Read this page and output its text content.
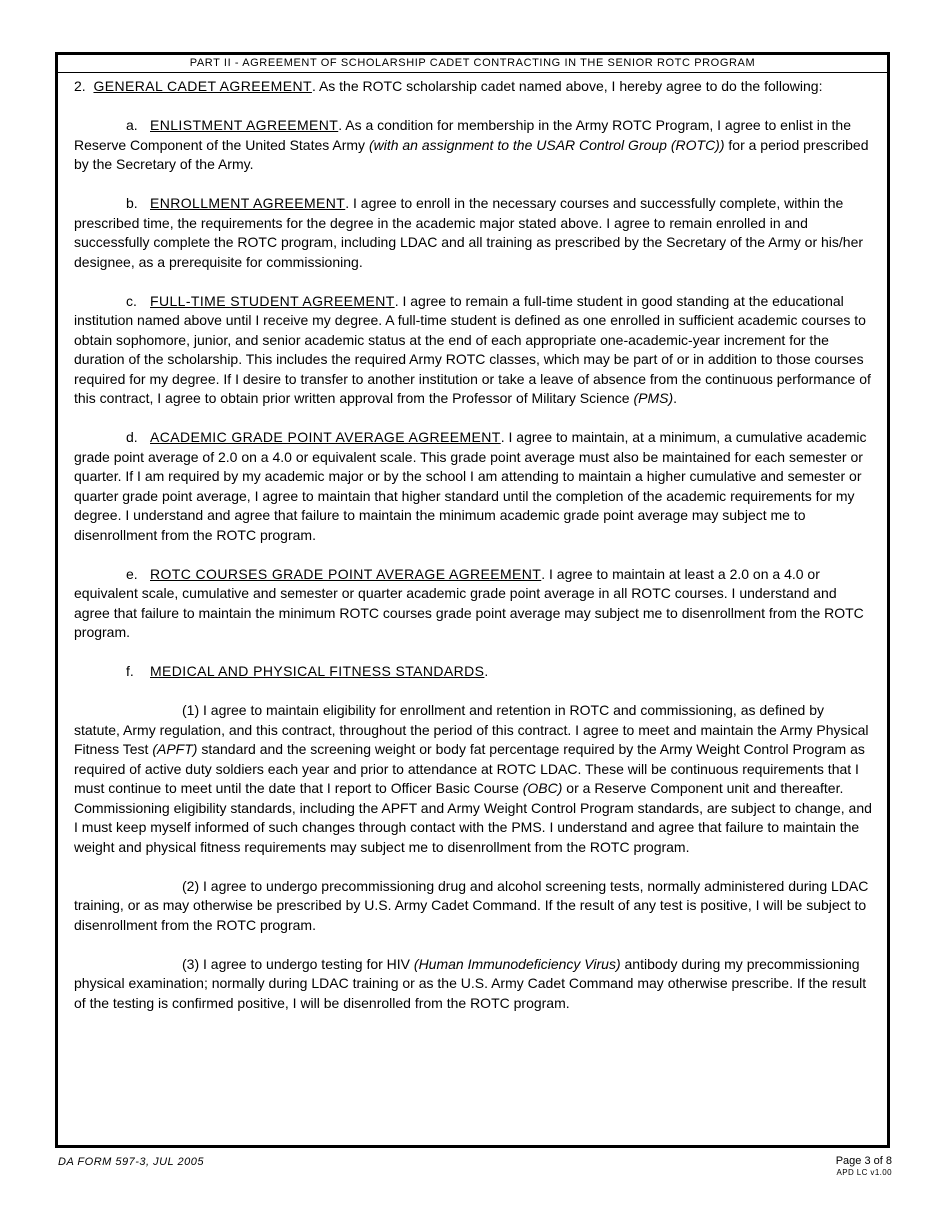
PART II - AGREEMENT OF SCHOLARSHIP CADET CONTRACTING IN THE SENIOR ROTC PROGRAM

2. GENERAL CADET AGREEMENT. As the ROTC scholarship cadet named above, I hereby agree to do the following:

a. ENLISTMENT AGREEMENT. As a condition for membership in the Army ROTC Program, I agree to enlist in the Reserve Component of the United States Army (with an assignment to the USAR Control Group (ROTC)) for a period prescribed by the Secretary of the Army.

b. ENROLLMENT AGREEMENT. I agree to enroll in the necessary courses and successfully complete, within the prescribed time, the requirements for the degree in the academic major stated above. I agree to remain enrolled in and successfully complete the ROTC program, including LDAC and all training as prescribed by the Secretary of the Army or his/her designee, as a prerequisite for commissioning.

c. FULL-TIME STUDENT AGREEMENT. I agree to remain a full-time student in good standing at the educational institution named above until I receive my degree. A full-time student is defined as one enrolled in sufficient academic courses to obtain sophomore, junior, and senior academic status at the end of each appropriate one-academic-year increment for the duration of the scholarship. This includes the required Army ROTC classes, which may be part of or in addition to those courses required for my degree. If I desire to transfer to another institution or take a leave of absence from the continuous performance of this contract, I agree to obtain prior written approval from the Professor of Military Science (PMS).

d. ACADEMIC GRADE POINT AVERAGE AGREEMENT. I agree to maintain, at a minimum, a cumulative academic grade point average of 2.0 on a 4.0 or equivalent scale. This grade point average must also be maintained for each semester or quarter. If I am required by my academic major or by the school I am attending to maintain a higher cumulative and semester or quarter grade point average, I agree to maintain that higher standard until the completion of the academic requirements for my degree. I understand and agree that failure to maintain the minimum academic grade point average may subject me to disenrollment from the ROTC program.

e. ROTC COURSES GRADE POINT AVERAGE AGREEMENT. I agree to maintain at least a 2.0 on a 4.0 or equivalent scale, cumulative and semester or quarter academic grade point average in all ROTC courses. I understand and agree that failure to maintain the minimum ROTC courses grade point average may subject me to disenrollment from the ROTC program.

f. MEDICAL AND PHYSICAL FITNESS STANDARDS.

(1) I agree to maintain eligibility for enrollment and retention in ROTC and commissioning, as defined by statute, Army regulation, and this contract, throughout the period of this contract. I agree to meet and maintain the Army Physical Fitness Test (APFT) standard and the screening weight or body fat percentage required by the Army Weight Control Program as required of active duty soldiers each year and prior to attendance at ROTC LDAC. These will be continuous requirements that I must continue to meet until the date that I report to Officer Basic Course (OBC) or a Reserve Component unit and thereafter. Commissioning eligibility standards, including the APFT and Army Weight Control Program standards, are subject to change, and I must keep myself informed of such changes through contact with the PMS. I understand and agree that failure to maintain the weight and physical fitness requirements may subject me to disenrollment from the ROTC program.

(2) I agree to undergo precommissioning drug and alcohol screening tests, normally administered during LDAC training, or as may otherwise be prescribed by U.S. Army Cadet Command. If the result of any test is positive, I will be subject to disenrollment from the ROTC program.

(3) I agree to undergo testing for HIV (Human Immunodeficiency Virus) antibody during my precommissioning physical examination; normally during LDAC training or as the U.S. Army Cadet Command may otherwise prescribe. If the result of the testing is confirmed positive, I will be disenrolled from the ROTC program.

DA FORM 597-3, JUL 2005	Page 3 of 8
APD LC v1.00
